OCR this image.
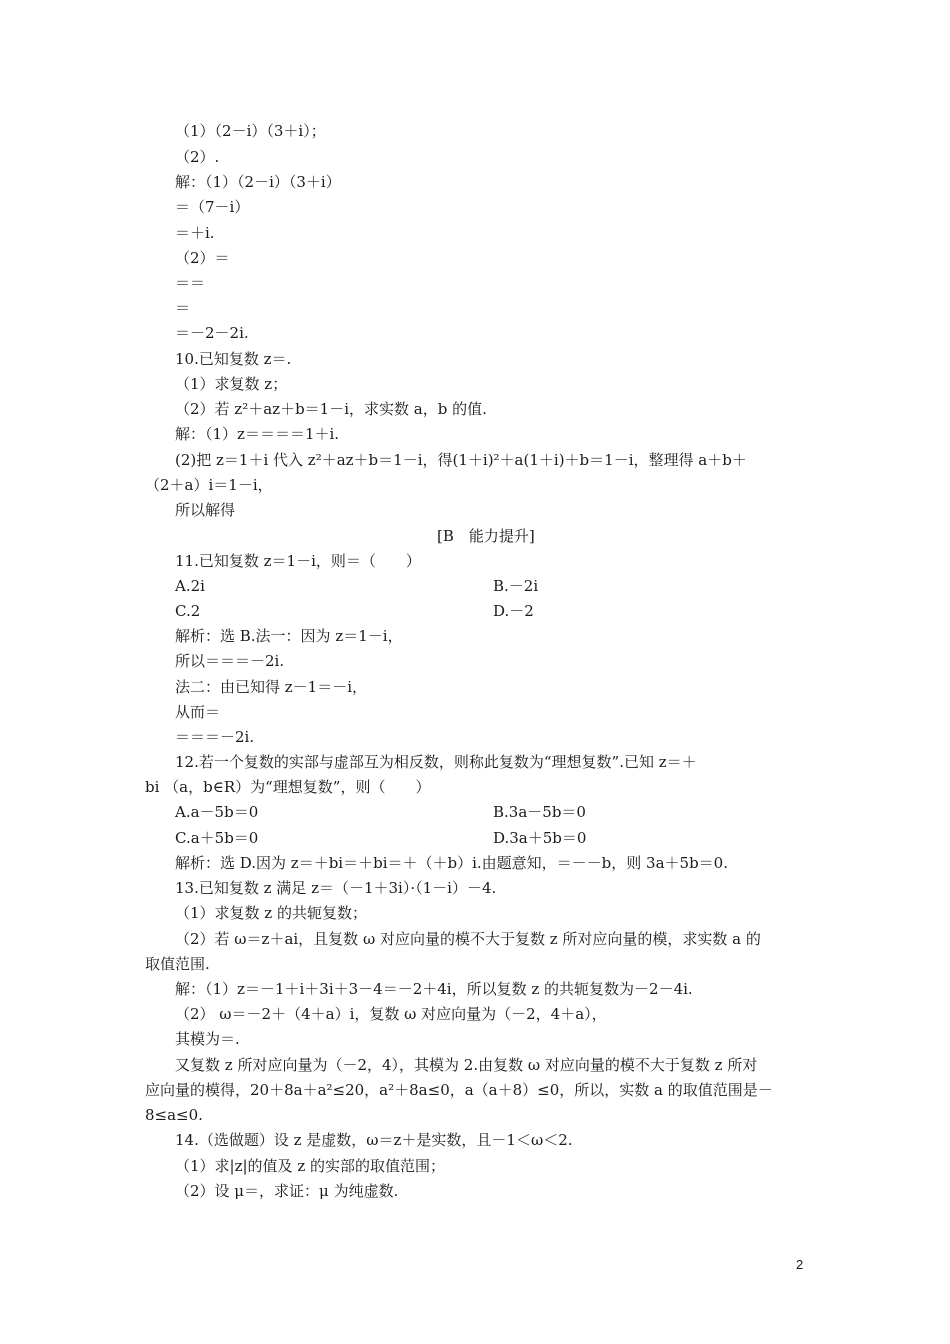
（1）（2－i）（3＋i）；
（2）.
解：（1）（2－i）（3＋i）
＝（7－i）
＝＋i.
（2）＝
＝＝
＝
＝－2－2i.
10.已知复数 z＝.
（1）求复数 z；
（2）若 z²＋az＋b＝1－i，求实数 a，b 的值.
解：（1）z＝＝＝＝1＋i.
(2)把 z＝1＋i 代入 z²＋az＋b＝1－i，得(1＋i)²＋a(1＋i)＋b＝1－i，整理得 a＋b＋
（2＋a）i＝1－i，
所以解得
[B　能力提升]
11.已知复数 z＝1－i，则＝（　　）
A.2i	B.－2i
C.2	D.－2
解析：选 B.法一：因为 z＝1－i，
所以＝＝＝－2i.
法二：由已知得 z－1＝－i，
从而＝
＝＝＝－2i.
12.若一个复数的实部与虚部互为相反数，则称此复数为“理想复数”.已知 z＝＋
bi （a，b∈R）为“理想复数”，则（　　）
A.a－5b＝0	B.3a－5b＝0
C.a＋5b＝0	D.3a＋5b＝0
解析：选 D.因为 z＝＋bi＝＋bi＝＋（＋b）i.由题意知，＝－－b，则 3a＋5b＝0.
13.已知复数 z 满足 z＝（－1＋3i）·（1－i）－4.
（1）求复数 z 的共轭复数；
（2）若 ω＝z＋ai，且复数 ω 对应向量的模不大于复数 z 所对应向量的模，求实数 a 的
取值范围.
解：（1）z＝－1＋i＋3i＋3－4＝－2＋4i，所以复数 z 的共轭复数为－2－4i.
（2） ω＝－2＋（4＋a）i，复数 ω 对应向量为（－2，4＋a），
其模为＝.
又复数 z 所对应向量为（－2，4），其模为 2.由复数 ω 对应向量的模不大于复数 z 所对
应向量的模得，20＋8a＋a²≤20，a²＋8a≤0，a（a＋8）≤0，所以，实数 a 的取值范围是－
8≤a≤0.
14.（选做题）设 z 是虚数，ω＝z＋是实数，且－1＜ω＜2.
（1）求|z|的值及 z 的实部的取值范围；
（2）设 μ＝，求证：μ 为纯虚数.
2
